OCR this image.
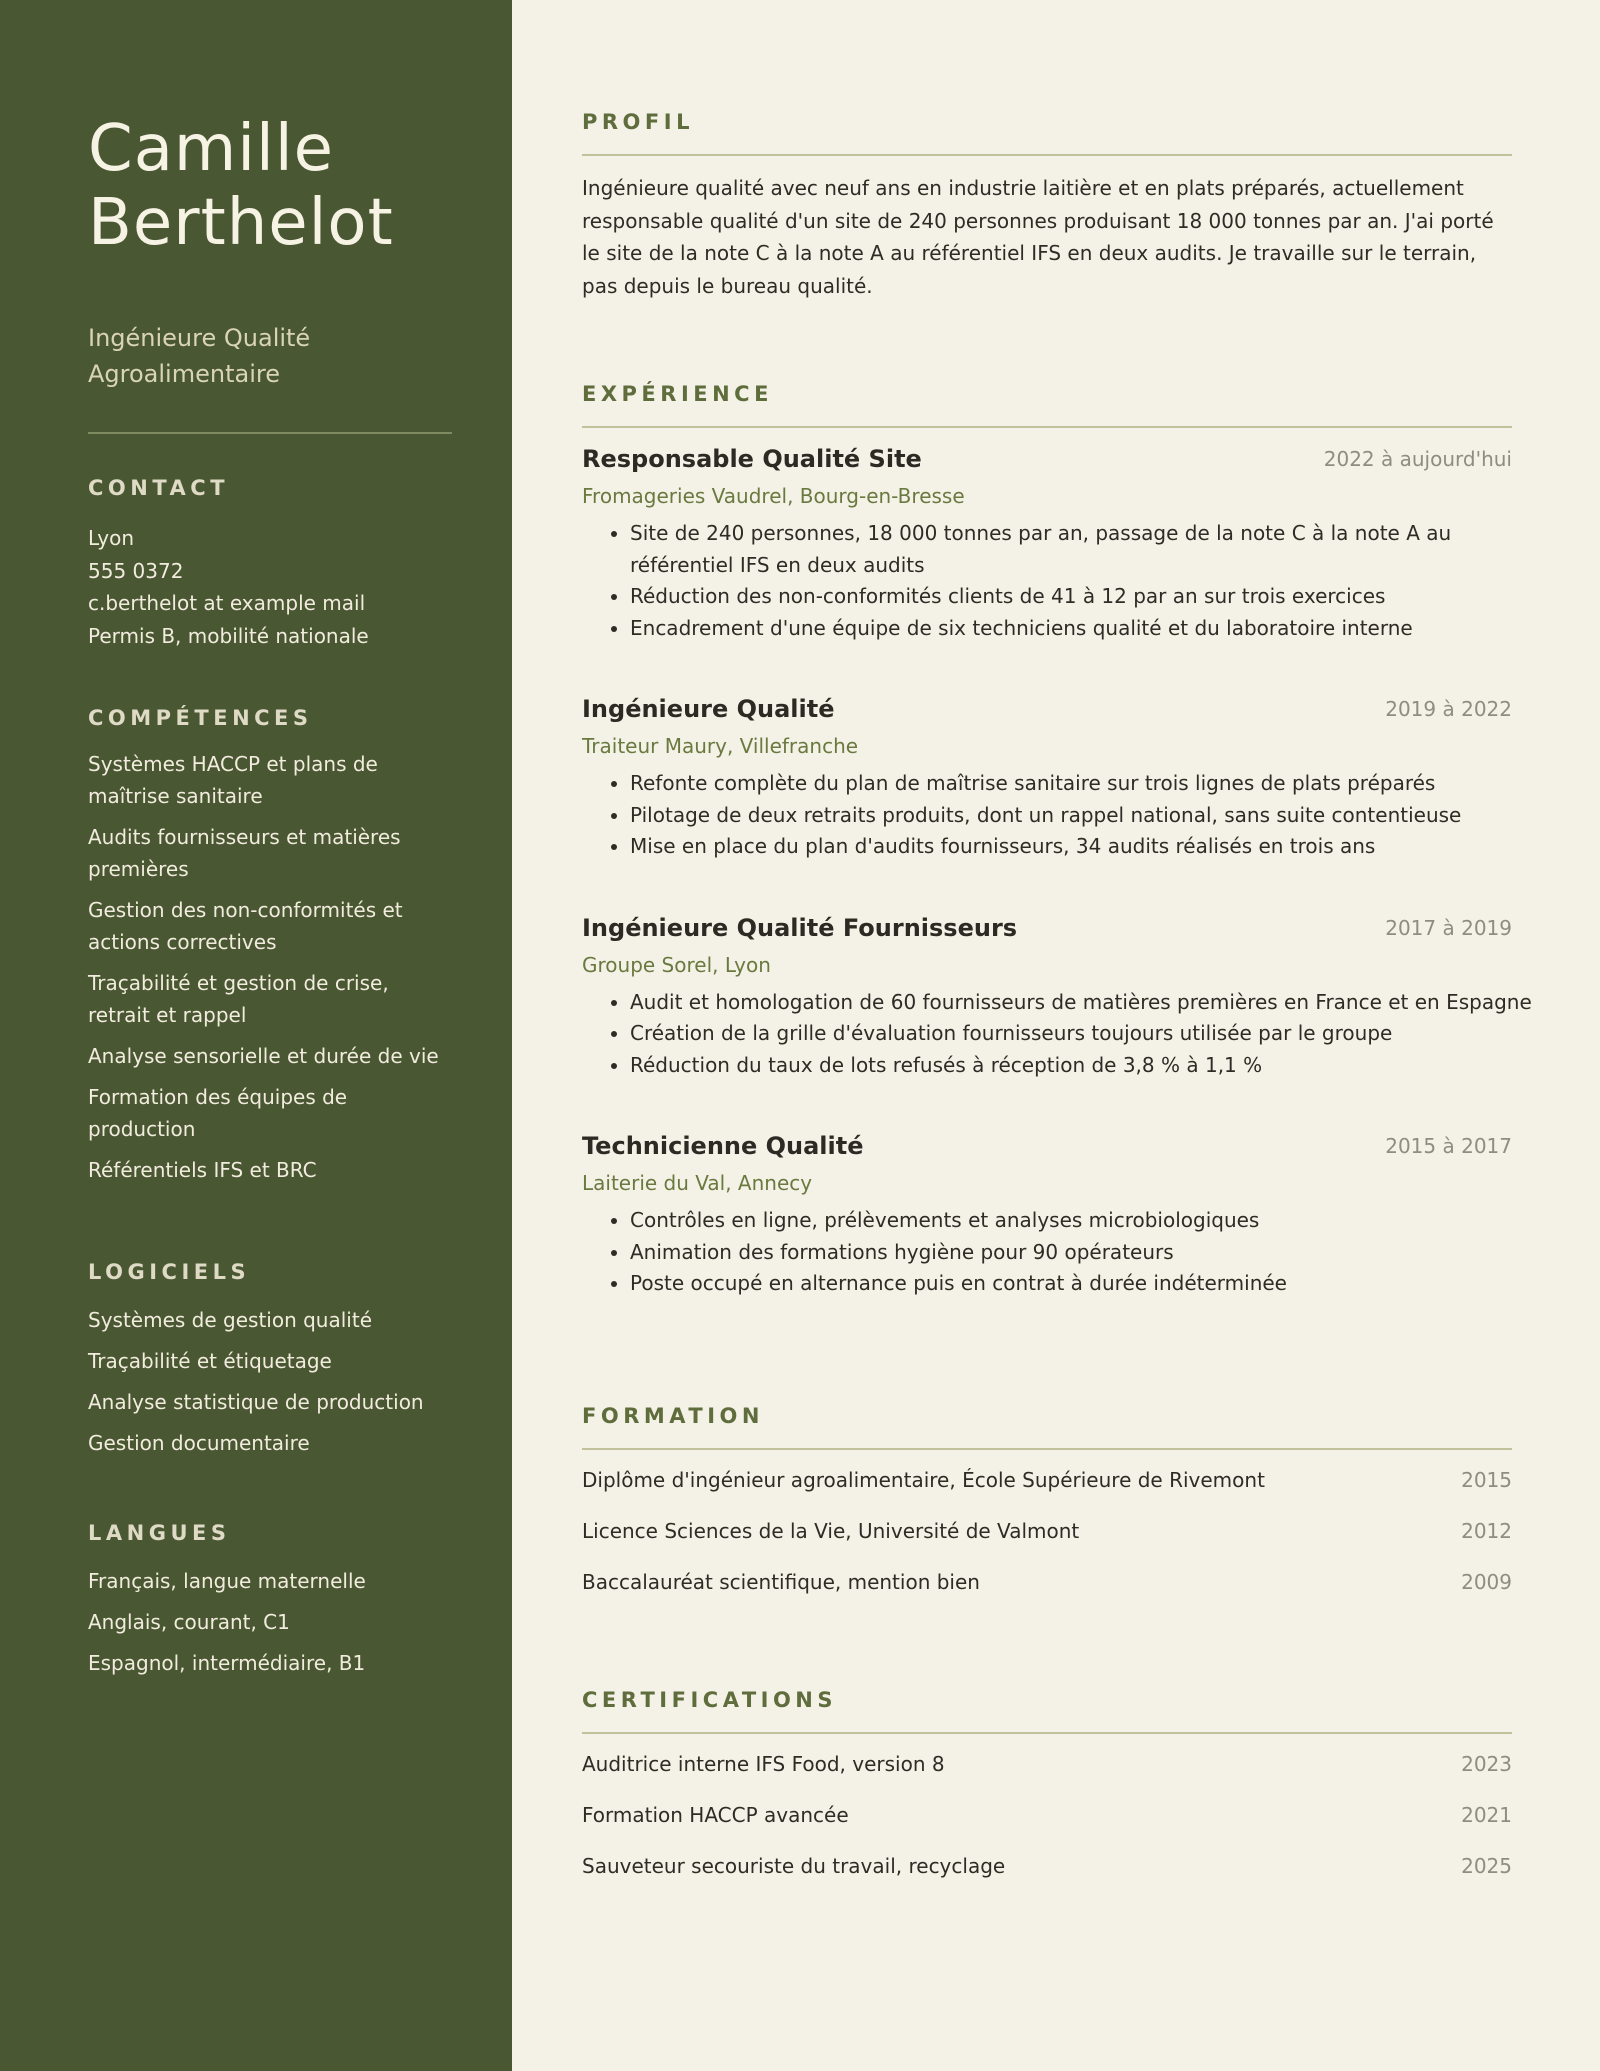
Camille
Berthelot
Ingénieure Qualité
Agroalimentaire
CONTACT
Lyon
555 0372
c.berthelot at example mail
Permis B, mobilité nationale
COMPÉTENCES
Systèmes HACCP et plans de maîtrise sanitaire
Audits fournisseurs et matières premières
Gestion des non-conformités et actions correctives
Traçabilité et gestion de crise, retrait et rappel
Analyse sensorielle et durée de vie
Formation des équipes de production
Référentiels IFS et BRC
LOGICIELS
Systèmes de gestion qualité
Traçabilité et étiquetage
Analyse statistique de production
Gestion documentaire
LANGUES
Français, langue maternelle
Anglais, courant, C1
Espagnol, intermédiaire, B1
PROFIL

Ingénieure qualité avec neuf ans en industrie laitière et en plats préparés, actuellement responsable qualité d'un site de 240 personnes produisant 18 000 tonnes par an. J'ai porté le site de la note C à la note A au référentiel IFS en deux audits. Je travaille sur le terrain, pas depuis le bureau qualité.

EXPÉRIENCE
Responsable Qualité Site	2022 à aujourd'hui
Fromageries Vaudrel, Bourg-en-Bresse
• Site de 240 personnes, 18 000 tonnes par an, passage de la note C à la note A au référentiel IFS en deux audits
• Réduction des non-conformités clients de 41 à 12 par an sur trois exercices
• Encadrement d'une équipe de six techniciens qualité et du laboratoire interne
Ingénieure Qualité	2019 à 2022
Traiteur Maury, Villefranche
• Refonte complète du plan de maîtrise sanitaire sur trois lignes de plats préparés
• Pilotage de deux retraits produits, dont un rappel national, sans suite contentieuse
• Mise en place du plan d'audits fournisseurs, 34 audits réalisés en trois ans
Ingénieure Qualité Fournisseurs	2017 à 2019
Groupe Sorel, Lyon
• Audit et homologation de 60 fournisseurs de matières premières en France et en Espagne
• Création de la grille d'évaluation fournisseurs toujours utilisée par le groupe
• Réduction du taux de lots refusés à réception de 3,8 % à 1,1 %
Technicienne Qualité	2015 à 2017
Laiterie du Val, Annecy
• Contrôles en ligne, prélèvements et analyses microbiologiques
• Animation des formations hygiène pour 90 opérateurs
• Poste occupé en alternance puis en contrat à durée indéterminée
FORMATION
Diplôme d'ingénieur agroalimentaire, École Supérieure de Rivemont	2015
Licence Sciences de la Vie, Université de Valmont	2012
Baccalauréat scientifique, mention bien	2009
CERTIFICATIONS
Auditrice interne IFS Food, version 8	2023
Formation HACCP avancée	2021
Sauveteur secouriste du travail, recyclage	2025
